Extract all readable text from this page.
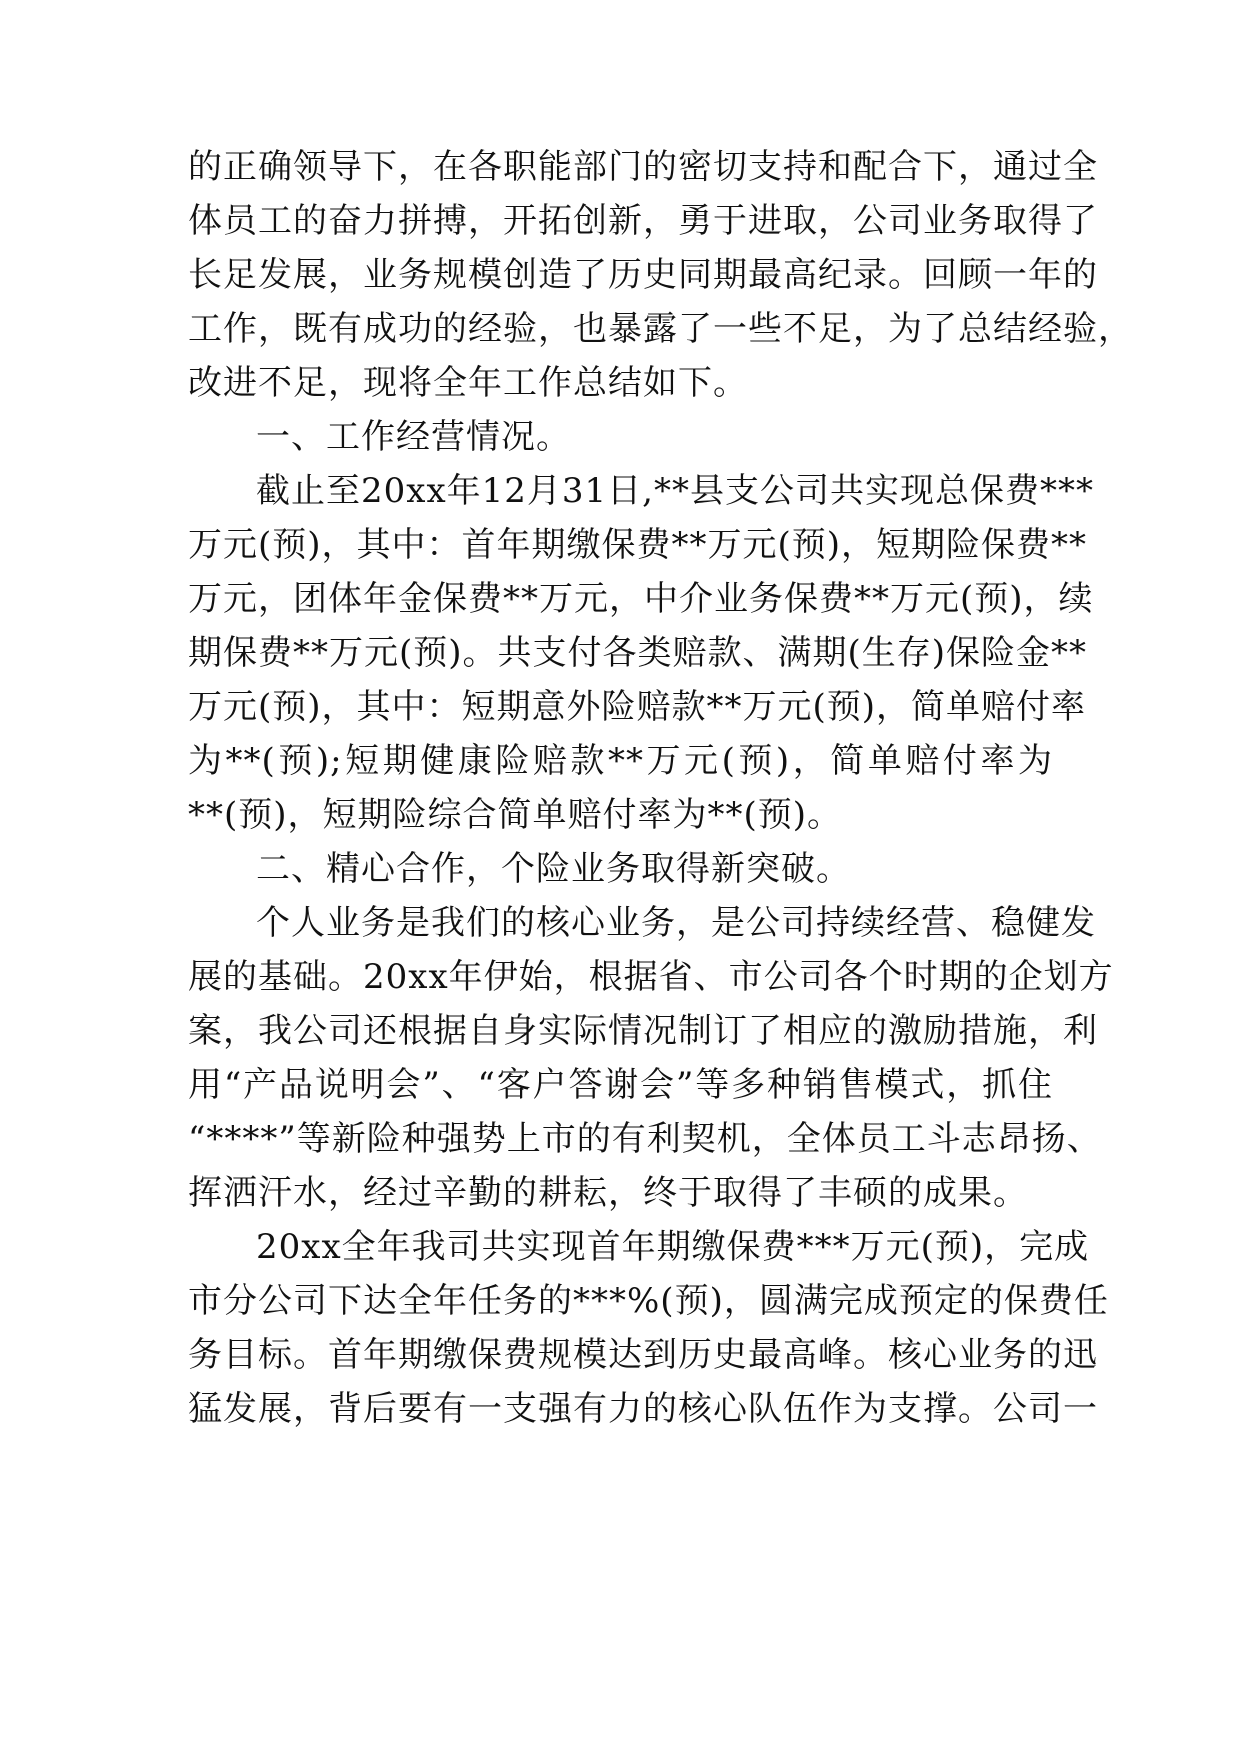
的正确领导下，在各职能部门的密切支持和配合下，通过全
体员工的奋力拼搏，开拓创新，勇于进取，公司业务取得了
长足发展，业务规模创造了历史同期最高纪录。回顾一年的
工作，既有成功的经验，也暴露了一些不足，为了总结经验，
改进不足，现将全年工作总结如下。
一、工作经营情况。
截止至20xx年12月31日,**县支公司共实现总保费***
万元(预)，其中：首年期缴保费**万元(预)，短期险保费**
万元，团体年金保费**万元，中介业务保费**万元(预)，续
期保费**万元(预)。共支付各类赔款、满期(生存)保险金**
万元(预)，其中：短期意外险赔款**万元(预)，简单赔付率
为**(预);短期健康险赔款**万元(预)，简单赔付率为
**(预)，短期险综合简单赔付率为**(预)。
二、精心合作，个险业务取得新突破。
个人业务是我们的核心业务，是公司持续经营、稳健发
展的基础。20xx年伊始，根据省、市公司各个时期的企划方
案，我公司还根据自身实际情况制订了相应的激励措施，利
用“产品说明会”、“客户答谢会”等多种销售模式，抓住
“****”等新险种强势上市的有利契机，全体员工斗志昂扬、
挥洒汗水，经过辛勤的耕耘，终于取得了丰硕的成果。
20xx全年我司共实现首年期缴保费***万元(预)，完成
市分公司下达全年任务的***%(预)，圆满完成预定的保费任
务目标。首年期缴保费规模达到历史最高峰。核心业务的迅
猛发展，背后要有一支强有力的核心队伍作为支撑。公司一
